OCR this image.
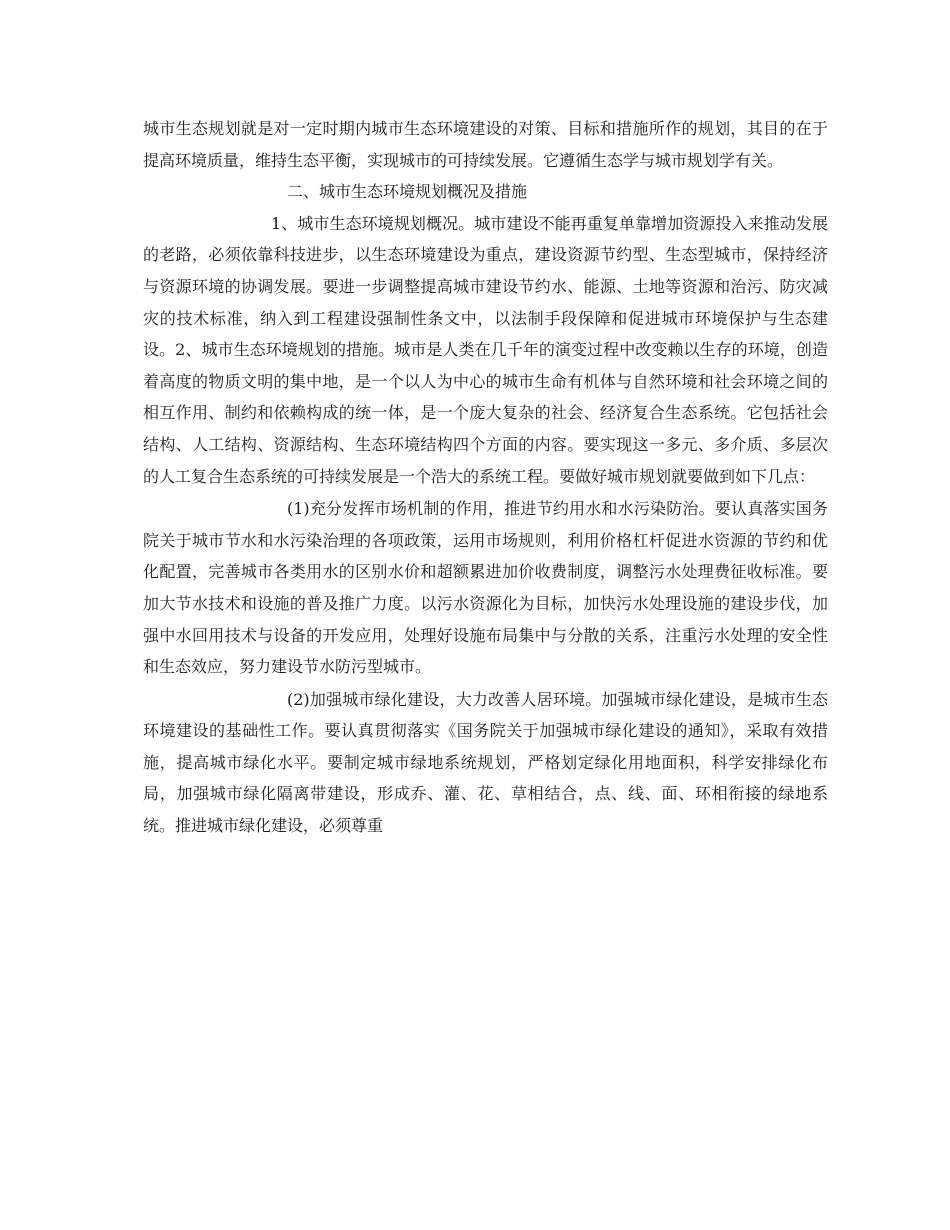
城市生态规划就是对一定时期内城市生态环境建设的对策、目标和措施所作的规划，其目的在于提高环境质量，维持生态平衡，实现城市的可持续发展。它遵循生态学与城市规划学有关。

二、城市生态环境规划概况及措施

1、城市生态环境规划概况。城市建设不能再重复单靠增加资源投入来推动发展的老路，必须依靠科技进步，以生态环境建设为重点，建设资源节约型、生态型城市，保持经济与资源环境的协调发展。要进一步调整提高城市建设节约水、能源、土地等资源和治污、防灾减灾的技术标准，纳入到工程建设强制性条文中，以法制手段保障和促进城市环境保护与生态建设。2、城市生态环境规划的措施。城市是人类在几千年的演变过程中改变赖以生存的环境，创造着高度的物质文明的集中地，是一个以人为中心的城市生命有机体与自然环境和社会环境之间的相互作用、制约和依赖构成的统一体，是一个庞大复杂的社会、经济复合生态系统。它包括社会结构、人工结构、资源结构、生态环境结构四个方面的内容。要实现这一多元、多介质、多层次的人工复合生态系统的可持续发展是一个浩大的系统工程。要做好城市规划就要做到如下几点：

(1)充分发挥市场机制的作用，推进节约用水和水污染防治。要认真落实国务院关于城市节水和水污染治理的各项政策，运用市场规则，利用价格杠杆促进水资源的节约和优化配置，完善城市各类用水的区别水价和超额累进加价收费制度，调整污水处理费征收标准。要加大节水技术和设施的普及推广力度。以污水资源化为目标，加快污水处理设施的建设步伐，加强中水回用技术与设备的开发应用，处理好设施布局集中与分散的关系，注重污水处理的安全性和生态效应，努力建设节水防污型城市。

(2)加强城市绿化建设，大力改善人居环境。加强城市绿化建设，是城市生态环境建设的基础性工作。要认真贯彻落实《国务院关于加强城市绿化建设的通知》，采取有效措施，提高城市绿化水平。要制定城市绿地系统规划，严格划定绿化用地面积，科学安排绿化布局，加强城市绿化隔离带建设，形成乔、灌、花、草相结合，点、线、面、环相衔接的绿地系统。推进城市绿化建设，必须尊重
